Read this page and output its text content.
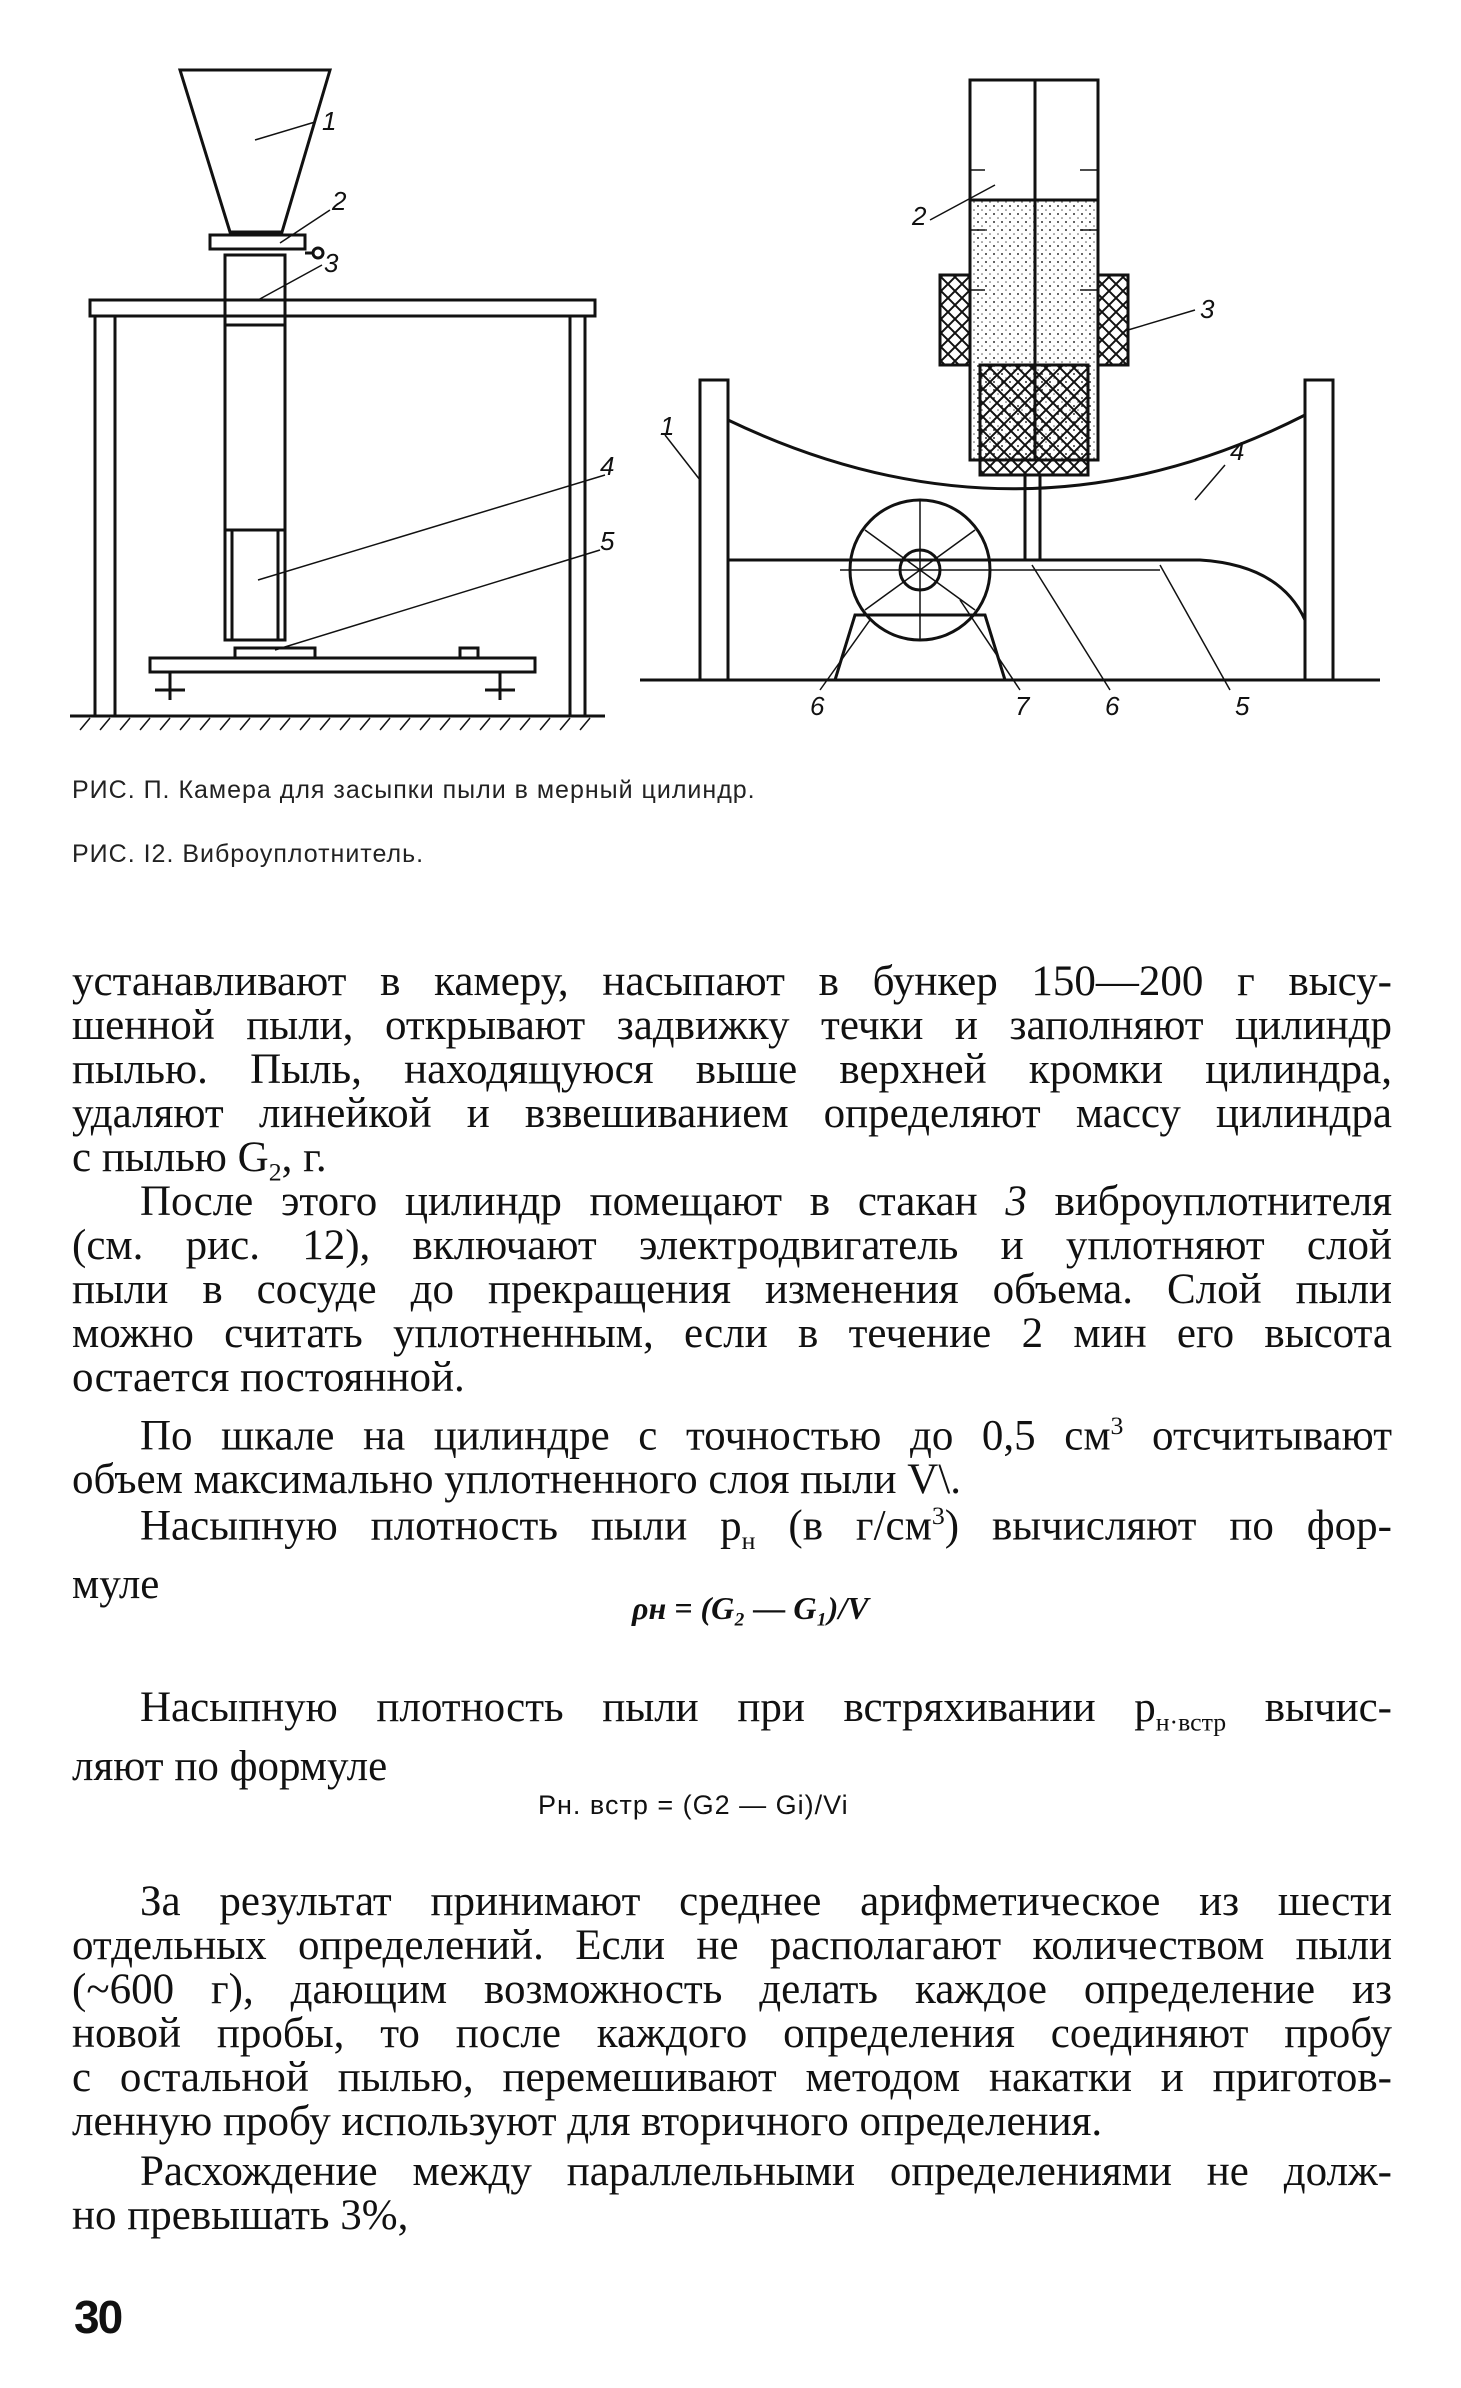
1
2
3
4
5
1
2
3
4
5
6	7	6
РИС. П. Камера для засыпки пыли в мерный цилиндр.
РИС. I2. Виброуплотнитель.
устанавливают в камеру, насыпают в бункер 150—200 г высу-
шенной пыли, открывают задвижку течки и заполняют цилиндр
пылью. Пыль, находящуюся выше верхней кромки цилиндра,
удаляют линейкой и взвешиванием определяют массу цилиндра
с пылью $G_2$, г.
После этого цилиндр помещают в стакан 3 виброуплотнителя
(см. рис. 12), включают электродвигатель и уплотняют слой
пыли в сосуде до прекращения изменения объема. Слой пыли
можно считать уплотненным, если в течение 2 мин его высота
остается постоянной.
По шкале на цилиндре с точностью до 0,5 $см^3$ отсчитывают
объем максимально уплотненного слоя пыли V\.
Насыпную плотность пыли $р_н$ (в $г/см^3$) вычисляют по фор-
муле
ρн = (G₂ — G₁)/V
Насыпную плотность пыли при встряхивании $р_{н\cdot встр}$ вычис-
ляют по формуле
Рн. встр = (G2 — Gi)/Vi
За результат принимают среднее арифметическое из шести
отдельных определений. Если не располагают количеством пыли
(~600 г), дающим возможность делать каждое определение из
новой пробы, то после каждого определения соединяют пробу
с остальной пылью, перемешивают методом накатки и приготов-
ленную пробу используют для вторичного определения.
Расхождение между параллельными определениями не долж-
но превышать 3%,
30
